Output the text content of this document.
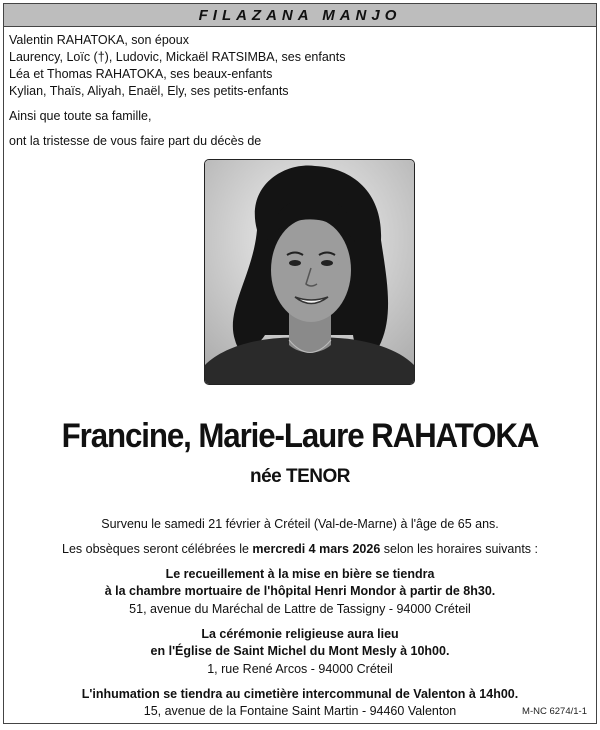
FILAZANA MANJO
Valentin RAHATOKA, son époux
Laurency, Loïc (†), Ludovic, Mickaël RATSIMBA, ses enfants
Léa et Thomas RAHATOKA, ses beaux-enfants
Kylian, Thaïs, Aliyah, Enaël, Ely, ses petits-enfants
Ainsi que toute sa famille,
ont la tristesse de vous faire part du décès de
Francine, Marie-Laure RAHATOKA
née TENOR
Survenu le samedi 21 février à Créteil (Val-de-Marne) à l'âge de 65 ans.
Les obsèques seront célébrées le mercredi 4 mars 2026 selon les horaires suivants :
Le recueillement à la mise en bière se tiendra
à la chambre mortuaire de l'hôpital Henri Mondor à partir de 8h30.
51, avenue du Maréchal de Lattre de Tassigny - 94000 Créteil
La cérémonie religieuse aura lieu
en l'Église de Saint Michel du Mont Mesly à 10h00.
1, rue René Arcos - 94000 Créteil
L'inhumation se tiendra au cimetière intercommunal de Valenton à 14h00.
15, avenue de la Fontaine Saint Martin - 94460 Valenton	M-NC 6274/1-1
